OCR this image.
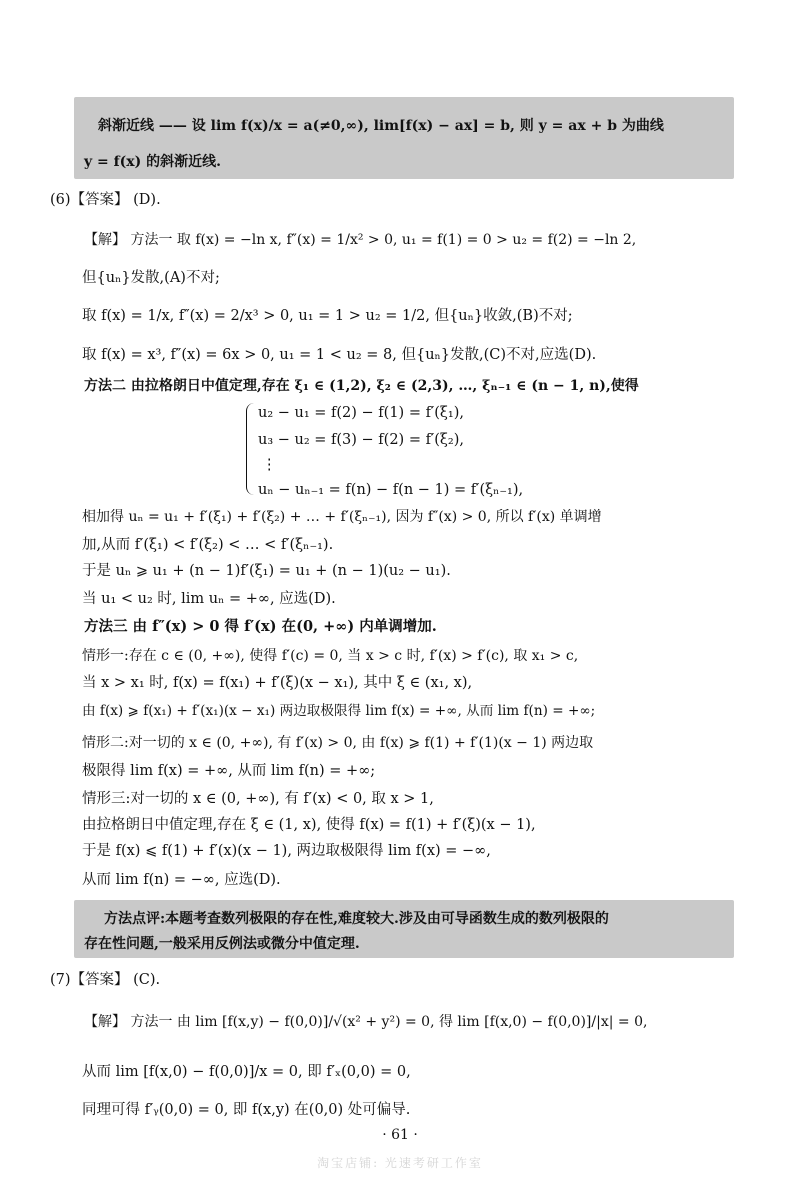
斜渐近线 —— 设 lim f(x)/x = a(≠0,∞), lim[f(x) − ax] = b, 则 y = ax + b 为曲线
y = f(x) 的斜渐近线.
(6)【答案】 (D).
【解】 方法一 取 f(x) = −ln x, f″(x) = 1/x² > 0, u₁ = f(1) = 0 > u₂ = f(2) = −ln 2,
但{uₙ}发散,(A)不对;
取 f(x) = 1/x, f″(x) = 2/x³ > 0, u₁ = 1 > u₂ = 1/2, 但{uₙ}收敛,(B)不对;
取 f(x) = x³, f″(x) = 6x > 0, u₁ = 1 < u₂ = 8, 但{uₙ}发散,(C)不对,应选(D).
方法二 由拉格朗日中值定理,存在 ξ₁ ∈ (1,2), ξ₂ ∈ (2,3), …, ξₙ₋₁ ∈ (n − 1, n),使得
u₂ − u₁ = f(2) − f(1) = f′(ξ₁),
u₃ − u₂ = f(3) − f(2) = f′(ξ₂),
⋮
uₙ − uₙ₋₁ = f(n) − f(n − 1) = f′(ξₙ₋₁),
相加得 uₙ = u₁ + f′(ξ₁) + f′(ξ₂) + … + f′(ξₙ₋₁), 因为 f″(x) > 0, 所以 f′(x) 单调增
加,从而 f′(ξ₁) < f′(ξ₂) < … < f′(ξₙ₋₁).
于是 uₙ ⩾ u₁ + (n − 1)f′(ξ₁) = u₁ + (n − 1)(u₂ − u₁).
当 u₁ < u₂ 时, lim uₙ = +∞, 应选(D).
方法三 由 f″(x) > 0 得 f′(x) 在(0, +∞) 内单调增加.
情形一:存在 c ∈ (0, +∞), 使得 f′(c) = 0, 当 x > c 时, f′(x) > f′(c), 取 x₁ > c,
当 x > x₁ 时, f(x) = f(x₁) + f′(ξ)(x − x₁), 其中 ξ ∈ (x₁, x),
由 f(x) ⩾ f(x₁) + f′(x₁)(x − x₁) 两边取极限得 lim f(x) = +∞, 从而 lim f(n) = +∞;
情形二:对一切的 x ∈ (0, +∞), 有 f′(x) > 0, 由 f(x) ⩾ f(1) + f′(1)(x − 1) 两边取
极限得 lim f(x) = +∞, 从而 lim f(n) = +∞;
情形三:对一切的 x ∈ (0, +∞), 有 f′(x) < 0, 取 x > 1,
由拉格朗日中值定理,存在 ξ ∈ (1, x), 使得 f(x) = f(1) + f′(ξ)(x − 1),
于是 f(x) ⩽ f(1) + f′(x)(x − 1), 两边取极限得 lim f(x) = −∞,
从而 lim f(n) = −∞, 应选(D).
方法点评:本题考查数列极限的存在性,难度较大.涉及由可导函数生成的数列极限的
存在性问题,一般采用反例法或微分中值定理.
(7)【答案】 (C).
【解】 方法一 由 lim [f(x,y) − f(0,0)]/√(x² + y²) = 0, 得 lim [f(x,0) − f(0,0)]/|x| = 0,
从而 lim [f(x,0) − f(0,0)]/x = 0, 即 f′ₓ(0,0) = 0,
同理可得 f′ᵧ(0,0) = 0, 即 f(x,y) 在(0,0) 处可偏导.
· 61 ·
淘宝店铺: 光速考研工作室
